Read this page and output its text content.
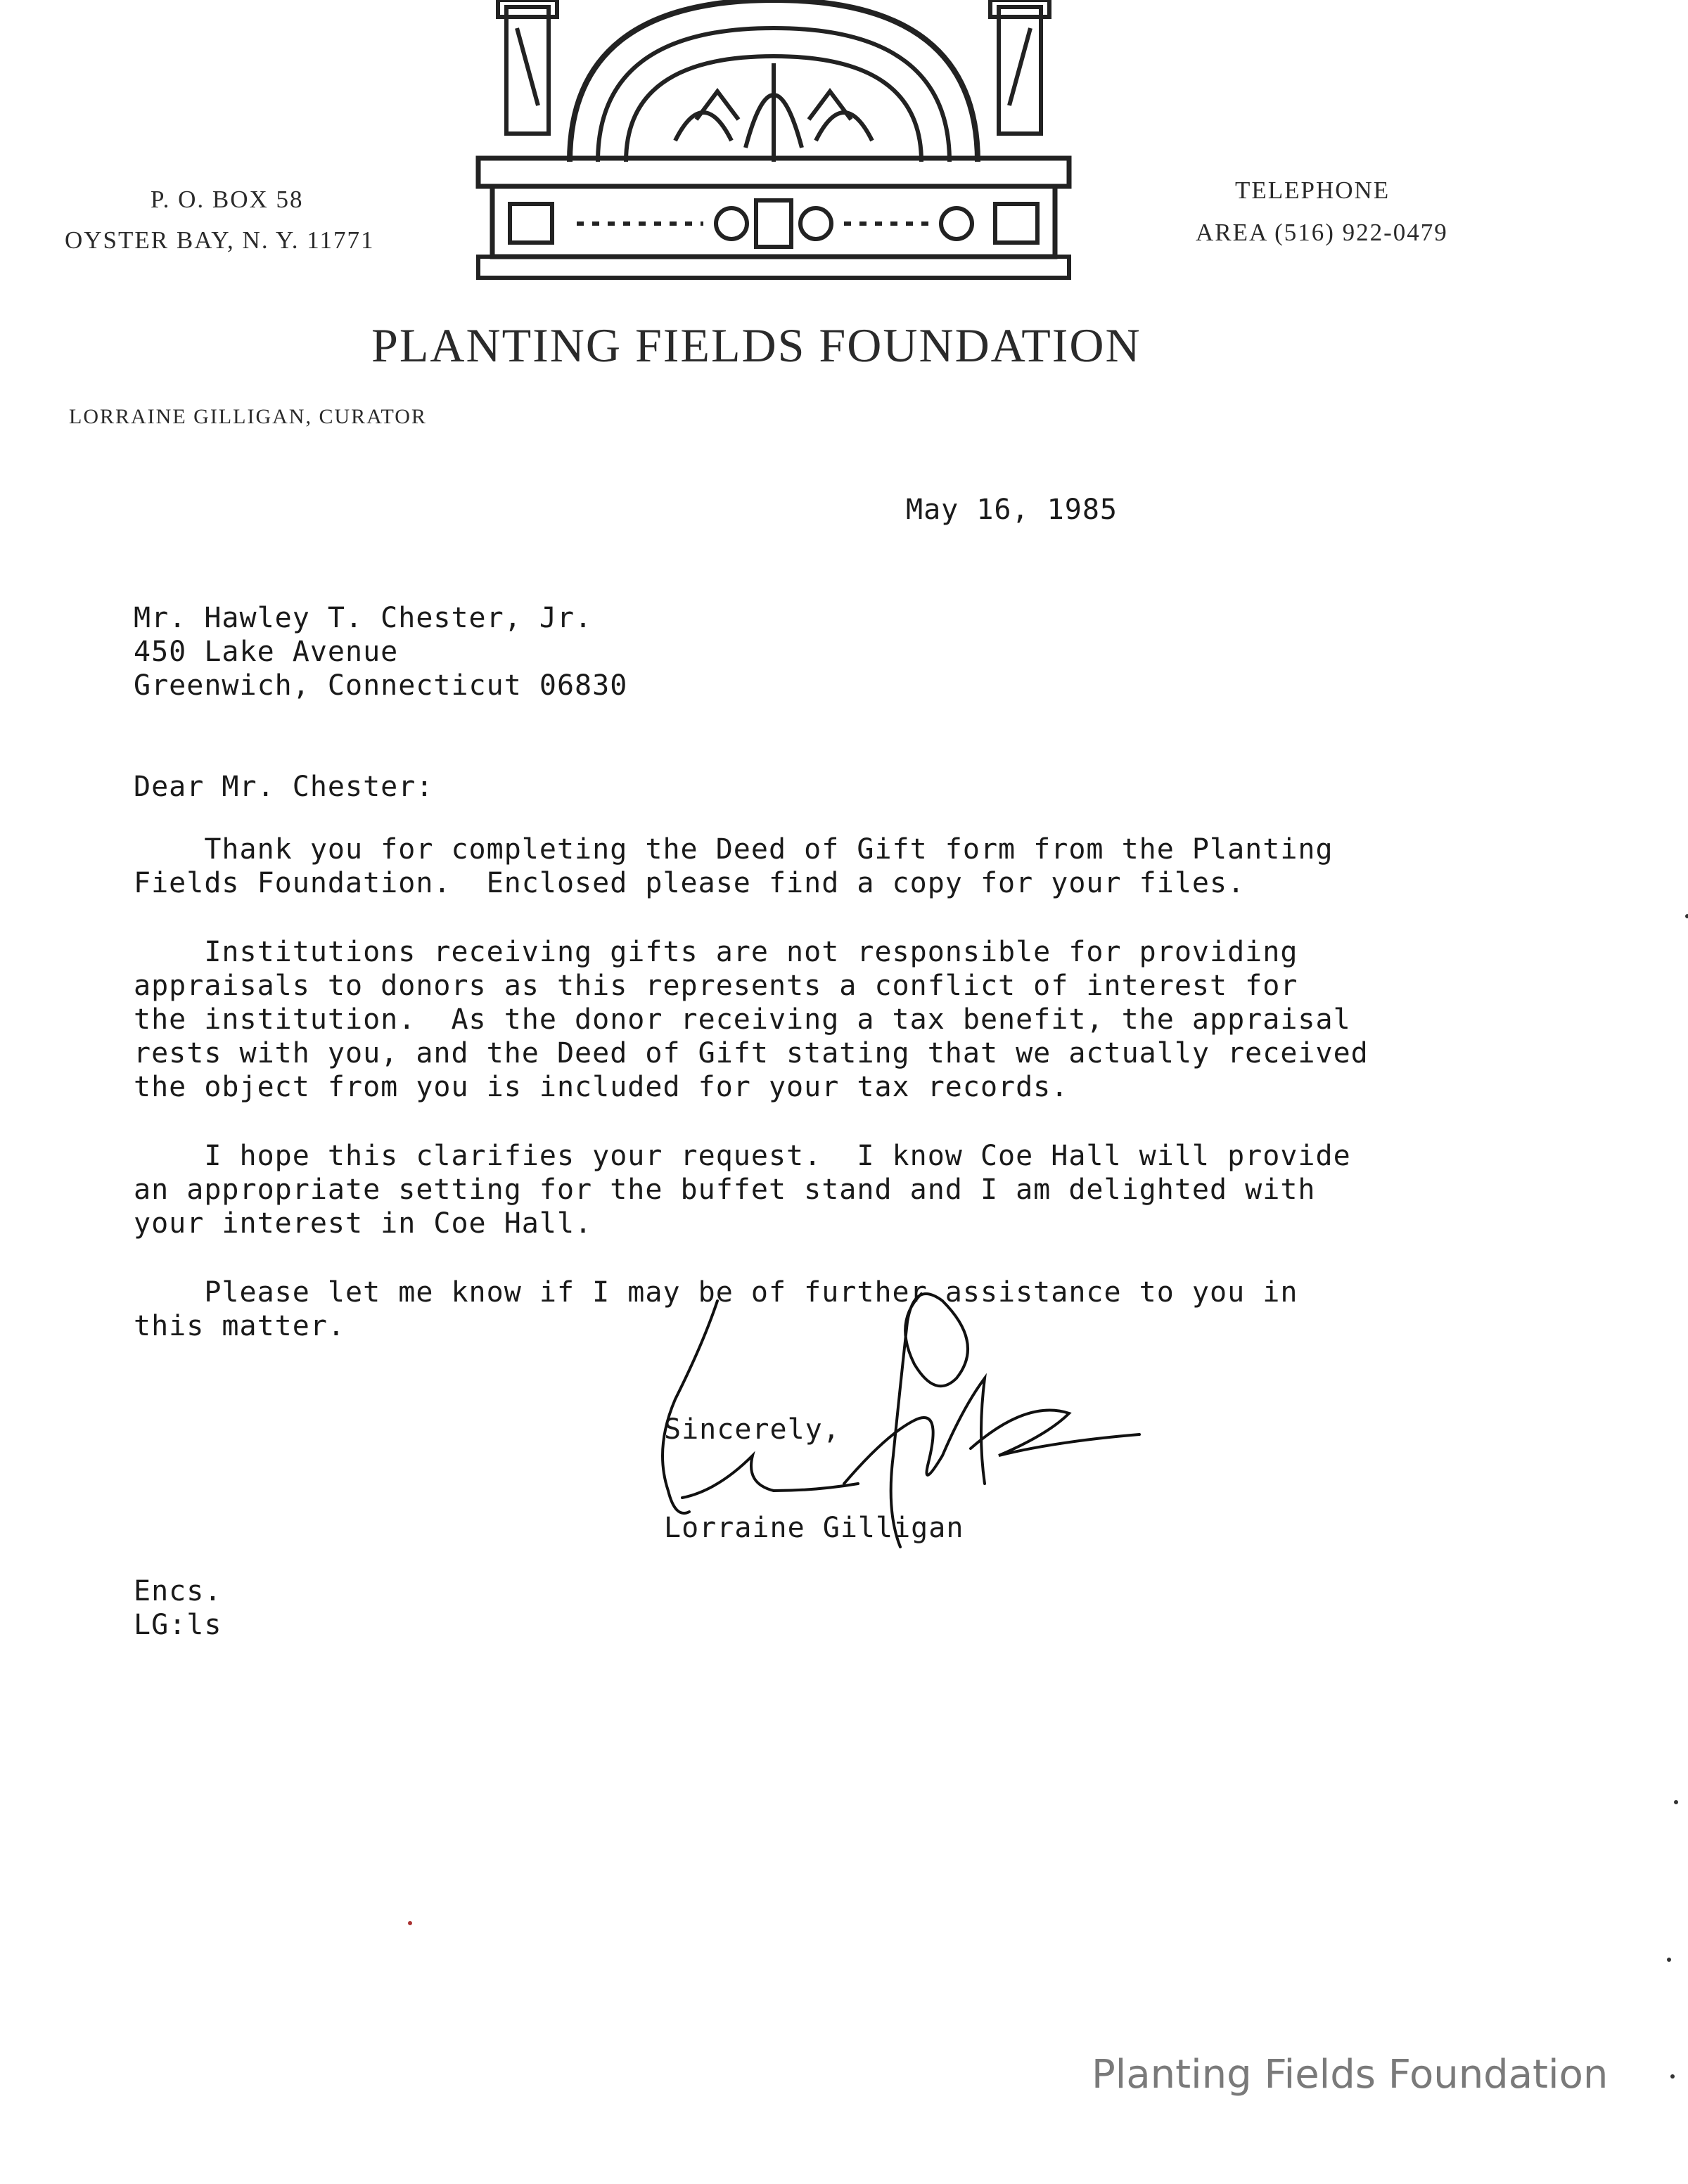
P. O. BOX 58
OYSTER BAY, N. Y. 11771
TELEPHONE
AREA (516) 922-0479
PLANTING FIELDS FOUNDATION
LORRAINE GILLIGAN, CURATOR
May 16, 1985
Mr. Hawley T. Chester, Jr.
450 Lake Avenue
Greenwich, Connecticut 06830
Dear Mr. Chester:
Thank you for completing the Deed of Gift form from the Planting
Fields Foundation.  Enclosed please find a copy for your files.
Institutions receiving gifts are not responsible for providing
appraisals to donors as this represents a conflict of interest for
the institution.  As the donor receiving a tax benefit, the appraisal
rests with you, and the Deed of Gift stating that we actually received
the object from you is included for your tax records.
I hope this clarifies your request.  I know Coe Hall will provide
an appropriate setting for the buffet stand and I am delighted with
your interest in Coe Hall.
Please let me know if I may be of further assistance to you in
this matter.
Sincerely,
Lorraine Gilligan
Encs.
LG:ls
Planting Fields Foundation
